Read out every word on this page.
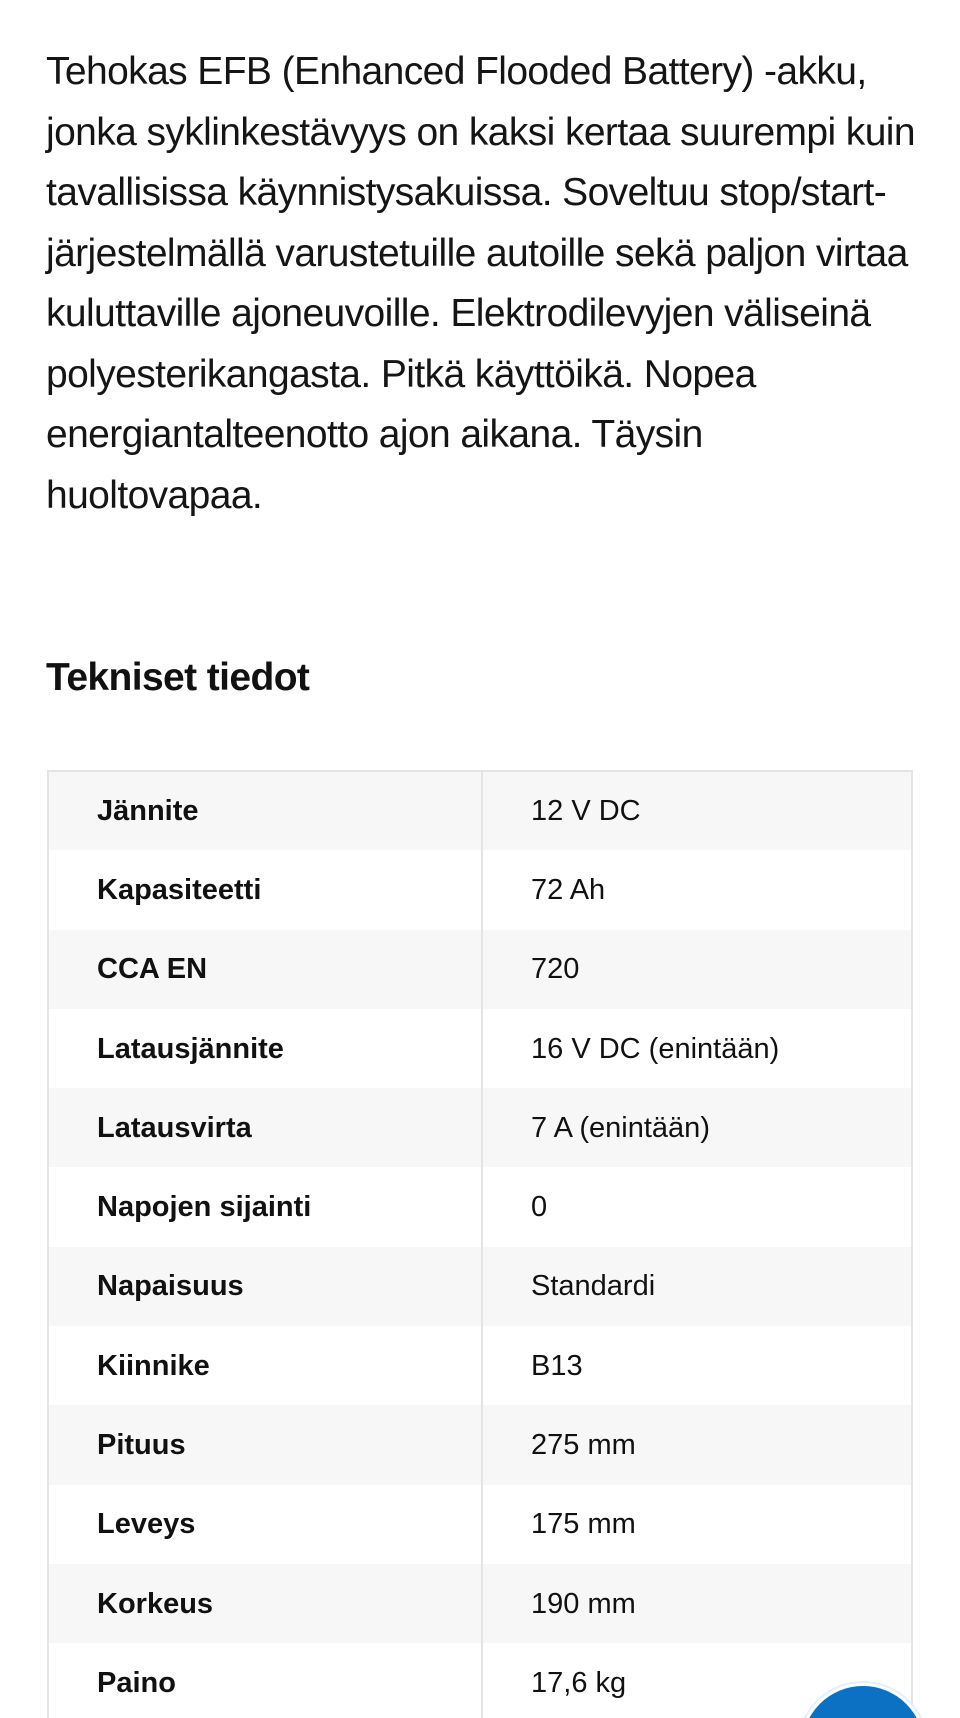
Tehokas EFB (Enhanced Flooded Battery) -akku, jonka syklinkestävyys on kaksi kertaa suurempi kuin tavallisissa käynnistysakuissa. Soveltuu stop/start-järjestelmällä varustetuille autoille sekä paljon virtaa kuluttaville ajoneuvoille. Elektrodilevyjen väliseinä polyesterikangasta. Pitkä käyttöikä. Nopea energiantalteenotto ajon aikana. Täysin huoltovapaa.

Tekniset tiedot
Jännite	12 V DC
Kapasiteetti	72 Ah
CCA EN	720
Latausjännite	16 V DC (enintään)
Latausvirta	7 A (enintään)
Napojen sijainti	0
Napaisuus	Standardi
Kiinnike	B13
Pituus	275 mm
Leveys	175 mm
Korkeus	190 mm
Paino	17,6 kg
